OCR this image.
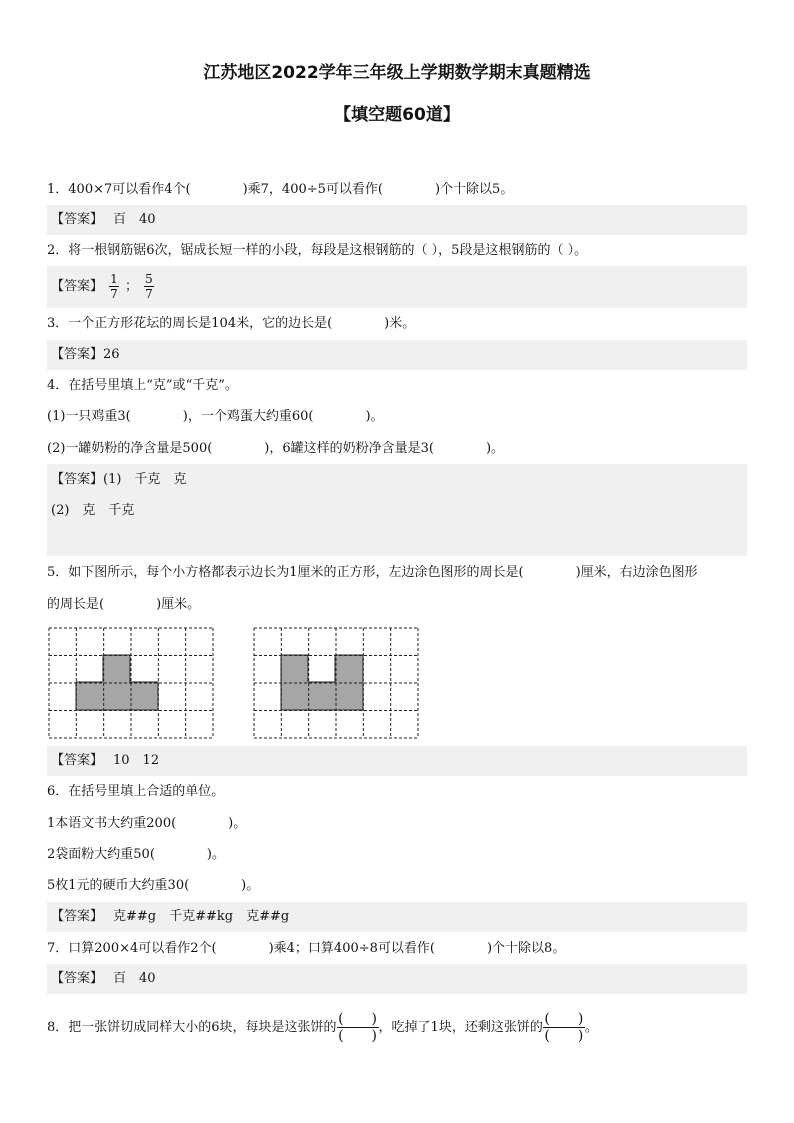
江苏地区2022学年三年级上学期数学期末真题精选
【填空题60道】
1．400×7可以看作4个(　　　　)乘7，400÷5可以看作(　　　　)个十除以5。
【答案】 百　40
2．将一根钢筋锯6次，锯成长短一样的小段，每段是这根钢筋的（ ），5段是这根钢筋的（ ）。
【答案】 $\frac{1}{7}$ ； $\frac{5}{7}$
3．一个正方形花坛的周长是104米，它的边长是(　　　　)米。
【答案】26
4．在括号里填上“克”或“千克”。
(1)一只鸡重3(　　　　)，一个鸡蛋大约重60(　　　　)。
(2)一罐奶粉的净含量是500(　　　　)，6罐这样的奶粉净含量是3(　　　　)。
【答案】(1)　千克　克
(2)　克　千克
5．如下图所示，每个小方格都表示边长为1厘米的正方形，左边涂色图形的周长是(　　　　)厘米，右边涂色图形
的周长是(　　　　)厘米。
【答案】 10　12
6．在括号里填上合适的单位。
1本语文书大约重200(　　　　)。
2袋面粉大约重50(　　　　)。
5枚1元的硬币大约重30(　　　　)。
【答案】 克##g　千克##kg　克##g
7．口算200×4可以看作2个(　　　　)乘4；口算400÷8可以看作(　　　　)个十除以8。
【答案】 百　40
8．把一张饼切成同样大小的6块，每块是这张饼的
(　　)
(　　)
，吃掉了1块，还剩这张饼的
(　　)
(　　)
。
